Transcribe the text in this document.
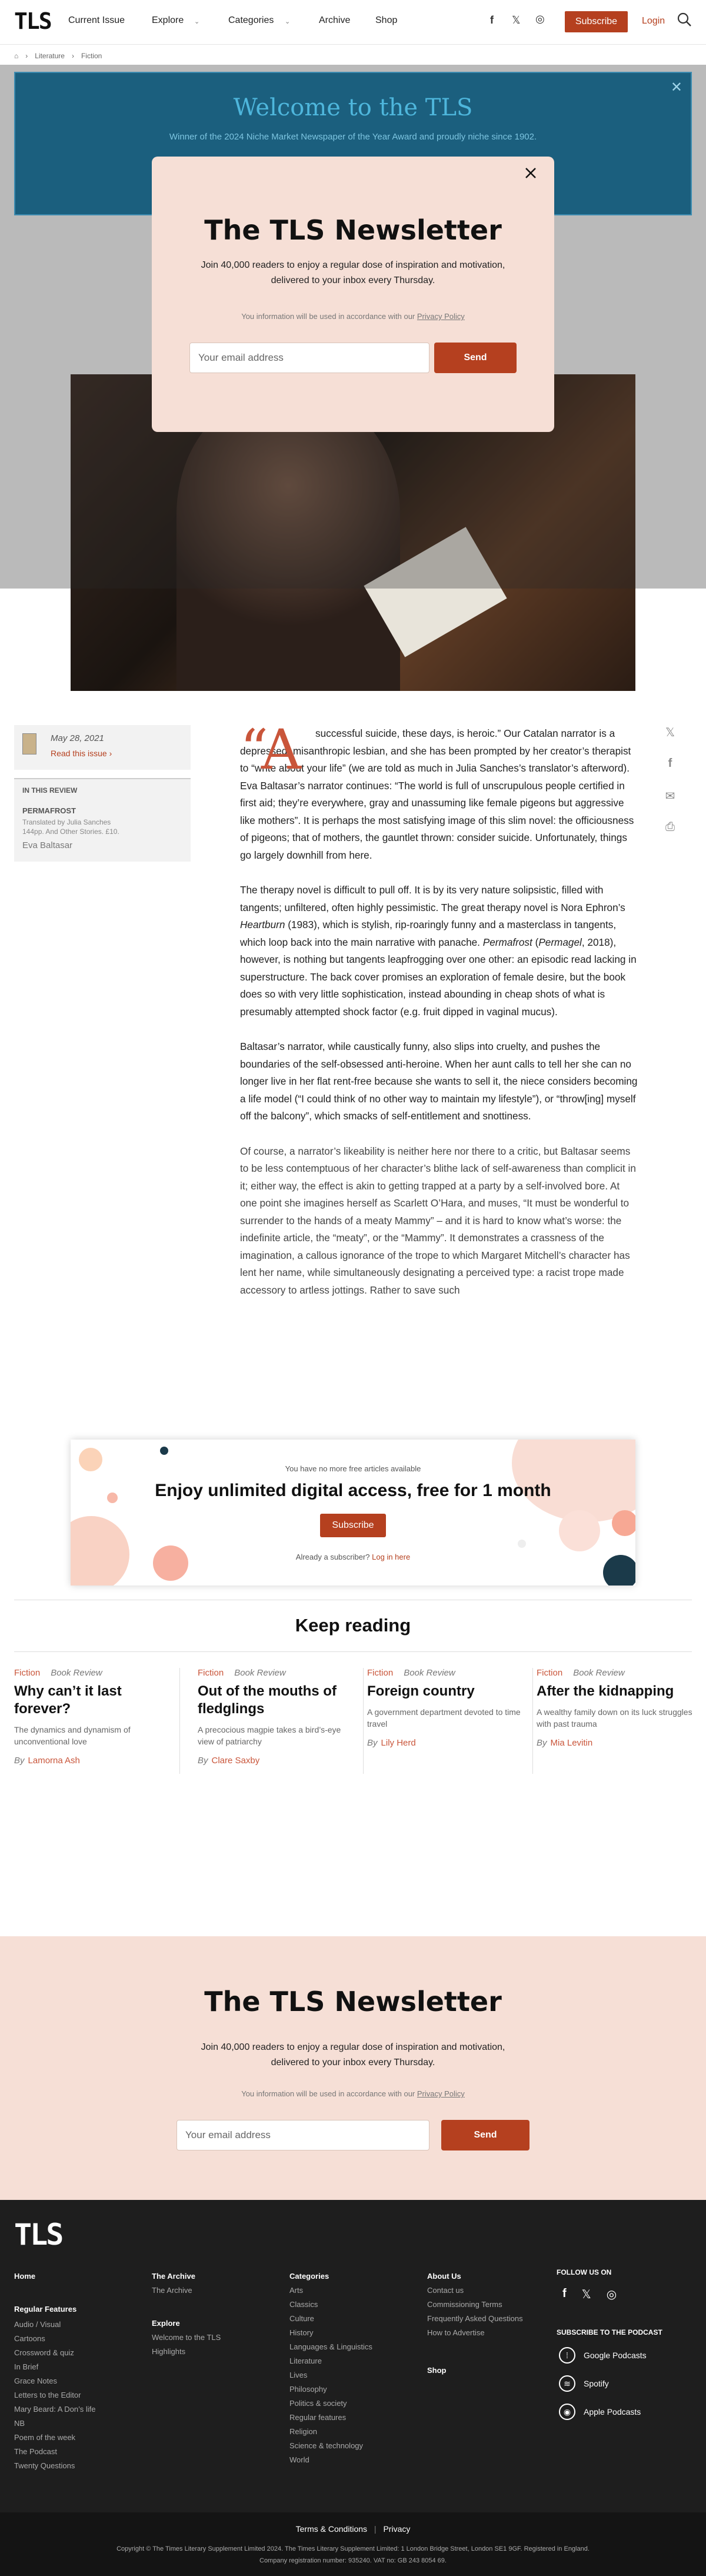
TLS Current Issue	Explore ⌄	Categories ⌄	Archive	Shop	f 𝕏 ◎	Subscribe	Login
⌂ › Literature › Fiction
Welcome to the TLS

Winner of the 2024 Niche Market Newspaper of the Year Award and proudly niche since 1902.

✕
The TLS Newsletter
Join 40,000 readers to enjoy a regular dose of inspiration and motivation,
delivered to your inbox every Thursday.
You information will be used in accordance with our Privacy Policy
Your email address	Send
May 28, 2021
Read this issue ›
IN THIS REVIEW
PERMAFROST
Translated by Julia Sanches
144pp. And Other Stories. £10.
Eva Baltasar
𝕏
f
✉
⎙
“A	successful suicide, these days, is heroic.” Our Catalan narrator is a depressed, misanthropic lesbian, and she has been prompted by her creator’s therapist to “write about your life” (we are told as much in Julia Sanches’s translator’s afterword). Eva Baltasar’s narrator continues: “The world is full of unscrupulous people certified in first aid; they’re everywhere, gray and unassuming like female pigeons but aggressive like mothers”. It is perhaps the most satisfying image of this slim novel: the officiousness of pigeons; that of mothers, the gauntlet thrown: consider suicide. Unfortunately, things go largely downhill from here.

The therapy novel is difficult to pull off. It is by its very nature solipsistic, filled with tangents; unfiltered, often highly pessimistic. The great therapy novel is Nora Ephron’s Heartburn (1983), which is stylish, rip-roaringly funny and a masterclass in tangents, which loop back into the main narrative with panache. Permafrost (Permagel, 2018), however, is nothing but tangents leapfrogging over one other: an episodic read lacking in superstructure. The back cover promises an exploration of female desire, but the book does so with very little sophistication, instead abounding in cheap shots of what is presumably attempted shock factor (e.g. fruit dipped in vaginal mucus).

Baltasar’s narrator, while caustically funny, also slips into cruelty, and pushes the boundaries of the self-obsessed anti-heroine. When her aunt calls to tell her she can no longer live in her flat rent-free because she wants to sell it, the niece considers becoming a life model (“I could think of no other way to maintain my lifestyle”), or “throw[ing] myself off the balcony”, which smacks of self-entitlement and snottiness.

Of course, a narrator’s likeability is neither here nor there to a critic, but Baltasar seems to be less contemptuous of her character’s blithe lack of self-awareness than complicit in it; either way, the effect is akin to getting trapped at a party by a self-involved bore. At one point she imagines herself as Scarlett O’Hara, and muses, “It must be wonderful to surrender to the hands of a meaty Mammy” – and it is hard to know what’s worse: the indefinite article, the “meaty”, or the “Mammy”. It demonstrates a crassness of the imagination, a callous ignorance of the trope to which Margaret Mitchell’s character has lent her name, while simultaneously designating a perceived type: a racist trope made accessory to artless jottings. Rather to save such

You have no more free articles available
Enjoy unlimited digital access, free for 1 month
Subscribe
Already a subscriber? Log in here
Keep reading
Fiction Book Review
Why can’t it last forever?
The dynamics and dynamism of unconventional love
By Lamorna Ash
Fiction Book Review
Out of the mouths of fledglings
A precocious magpie takes a bird’s-eye view of patriarchy
By Clare Saxby
Fiction Book Review
Foreign country
A government department devoted to time travel
By Lily Herd
Fiction Book Review
After the kidnapping
A wealthy family down on its luck struggles with past trauma
By Mia Levitin
The TLS Newsletter
Join 40,000 readers to enjoy a regular dose of inspiration and motivation,
delivered to your inbox every Thursday.
You information will be used in accordance with our Privacy Policy
Your email address	Send
TLS
Home
Regular Features
Audio / Visual
Cartoons
Crossword & quiz
In Brief
Grace Notes
Letters to the Editor
Mary Beard: A Don’s life
NB
Poem of the week
The Podcast
Twenty Questions
The Archive
The Archive
Explore
Welcome to the TLS
Highlights
Categories
Arts
Classics
Culture
History
Languages & Linguistics
Literature
Lives
Philosophy
Politics & society
Regular features
Religion
Science & technology
World
About Us
Contact us
Commissioning Terms
Frequently Asked Questions
How to Advertise
Shop
FOLLOW US ON
f 𝕏 ◎
SUBSCRIBE TO THE PODCAST
⁞	Google Podcasts
≋	Spotify
◉	Apple Podcasts
Terms & Conditions | Privacy
Copyright © The Times Literary Supplement Limited 2024. The Times Literary Supplement Limited: 1 London Bridge Street, London SE1 9GF. Registered in England.
Company registration number: 935240. VAT no: GB 243 8054 69.
